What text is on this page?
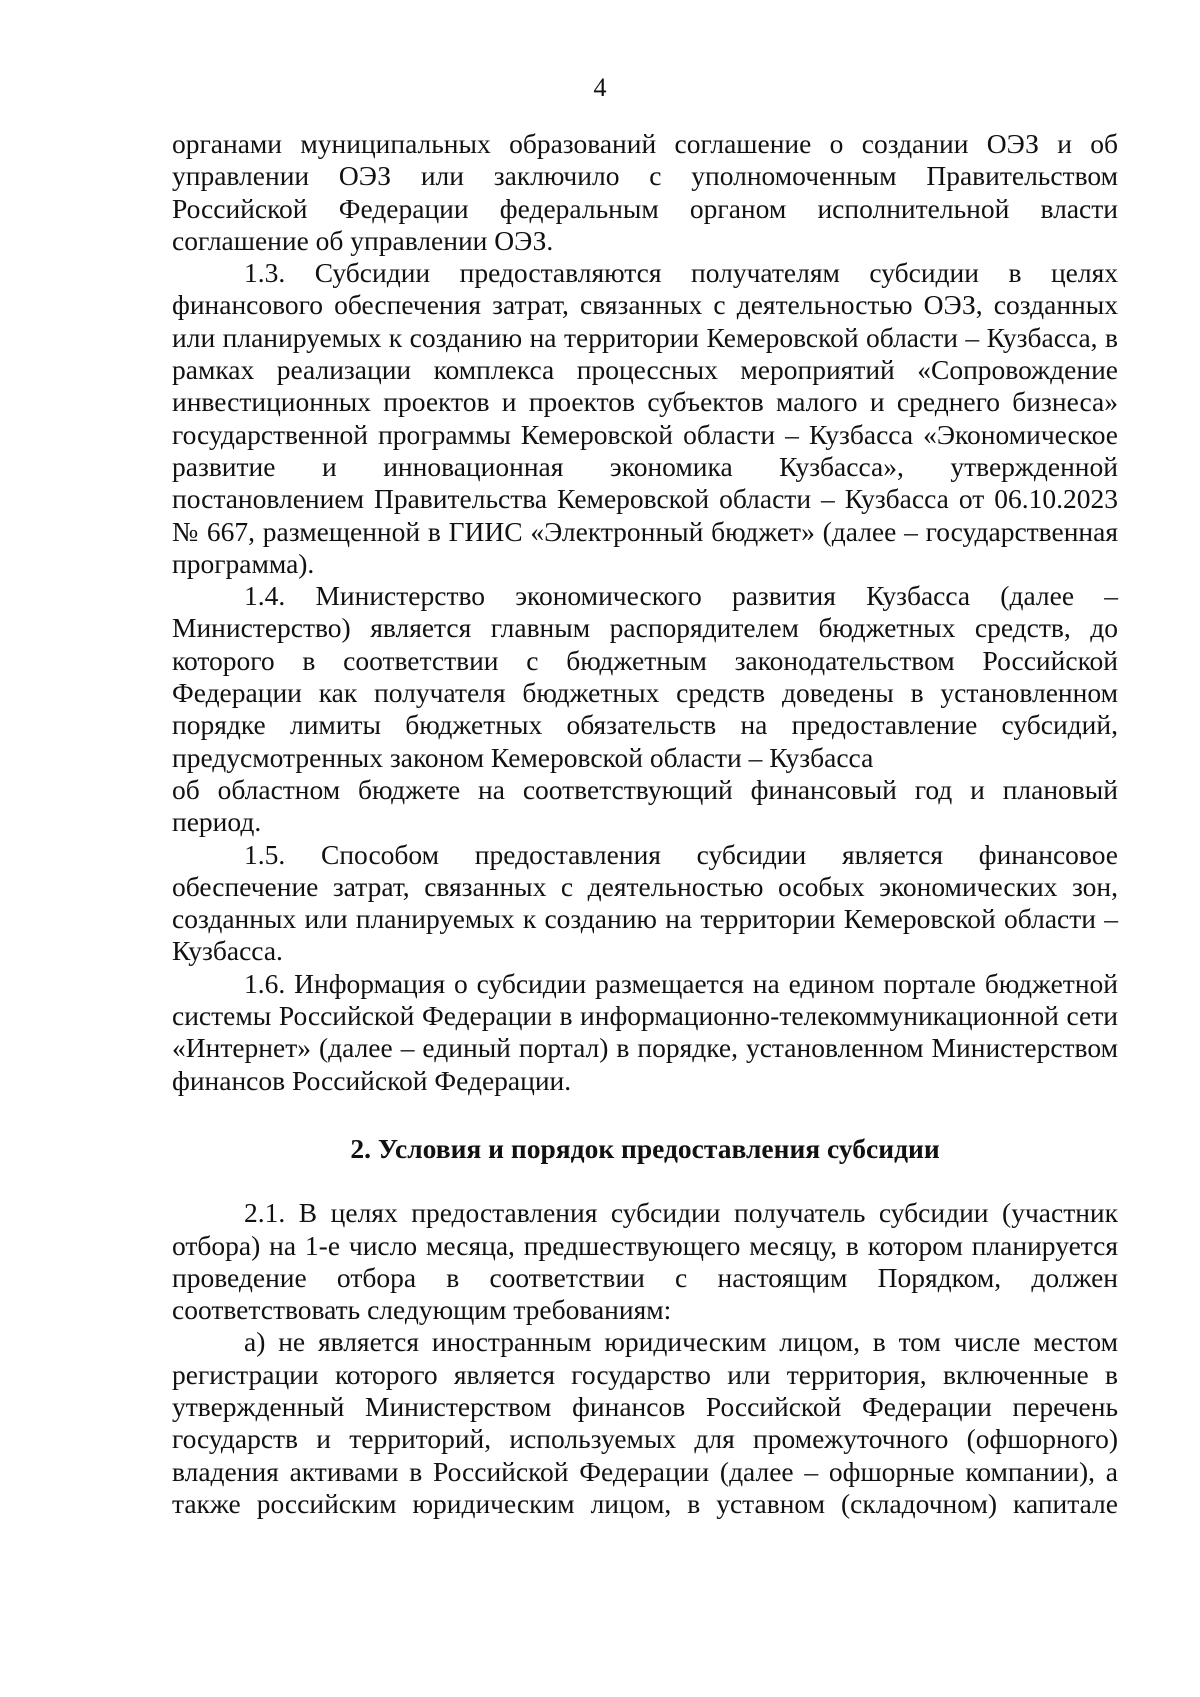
4

органами муниципальных образований соглашение о создании ОЭЗ и об управлении ОЭЗ или заключило с уполномоченным Правительством Российской Федерации федеральным органом исполнительной власти соглашение об управлении ОЭЗ.

1.3. Субсидии предоставляются получателям субсидии в целях финансового обеспечения затрат, связанных с деятельностью ОЭЗ, созданных или планируемых к созданию на территории Кемеровской области – Кузбасса, в рамках реализации комплекса процессных мероприятий «Сопровождение инвестиционных проектов и проектов субъектов малого и среднего бизнеса» государственной программы Кемеровской области – Кузбасса «Экономическое развитие и инновационная экономика Кузбасса», утвержденной постановлением Правительства Кемеровской области – Кузбасса от 06.10.2023 № 667, размещенной в ГИИС «Электронный бюджет» (далее – государственная программа).

1.4. Министерство экономического развития Кузбасса (далее – Министерство) является главным распорядителем бюджетных средств, до которого в соответствии с бюджетным законодательством Российской Федерации как получателя бюджетных средств доведены в установленном порядке лимиты бюджетных обязательств на предоставление субсидий, предусмотренных законом Кемеровской области – Кузбасса

об областном бюджете на соответствующий финансовый год и плановый период.

1.5. Способом предоставления субсидии является финансовое обеспечение затрат, связанных с деятельностью особых экономических зон, созданных или планируемых к созданию на территории Кемеровской области – Кузбасса.

1.6. Информация о субсидии размещается на едином портале бюджетной системы Российской Федерации в информационно-телекоммуникационной сети «Интернет» (далее – единый портал) в порядке, установленном Министерством финансов Российской Федерации.

2. Условия и порядок предоставления субсидии

2.1. В целях предоставления субсидии получатель субсидии (участник отбора) на 1-е число месяца, предшествующего месяцу, в котором планируется проведение отбора в соответствии с настоящим Порядком, должен соответствовать следующим требованиям:

а) не является иностранным юридическим лицом, в том числе местом регистрации которого является государство или территория, включенные в утвержденный Министерством финансов Российской Федерации перечень государств и территорий, используемых для промежуточного (офшорного) владения активами в Российской Федерации (далее – офшорные компании), а также российским юридическим лицом, в уставном (складочном) капитале
